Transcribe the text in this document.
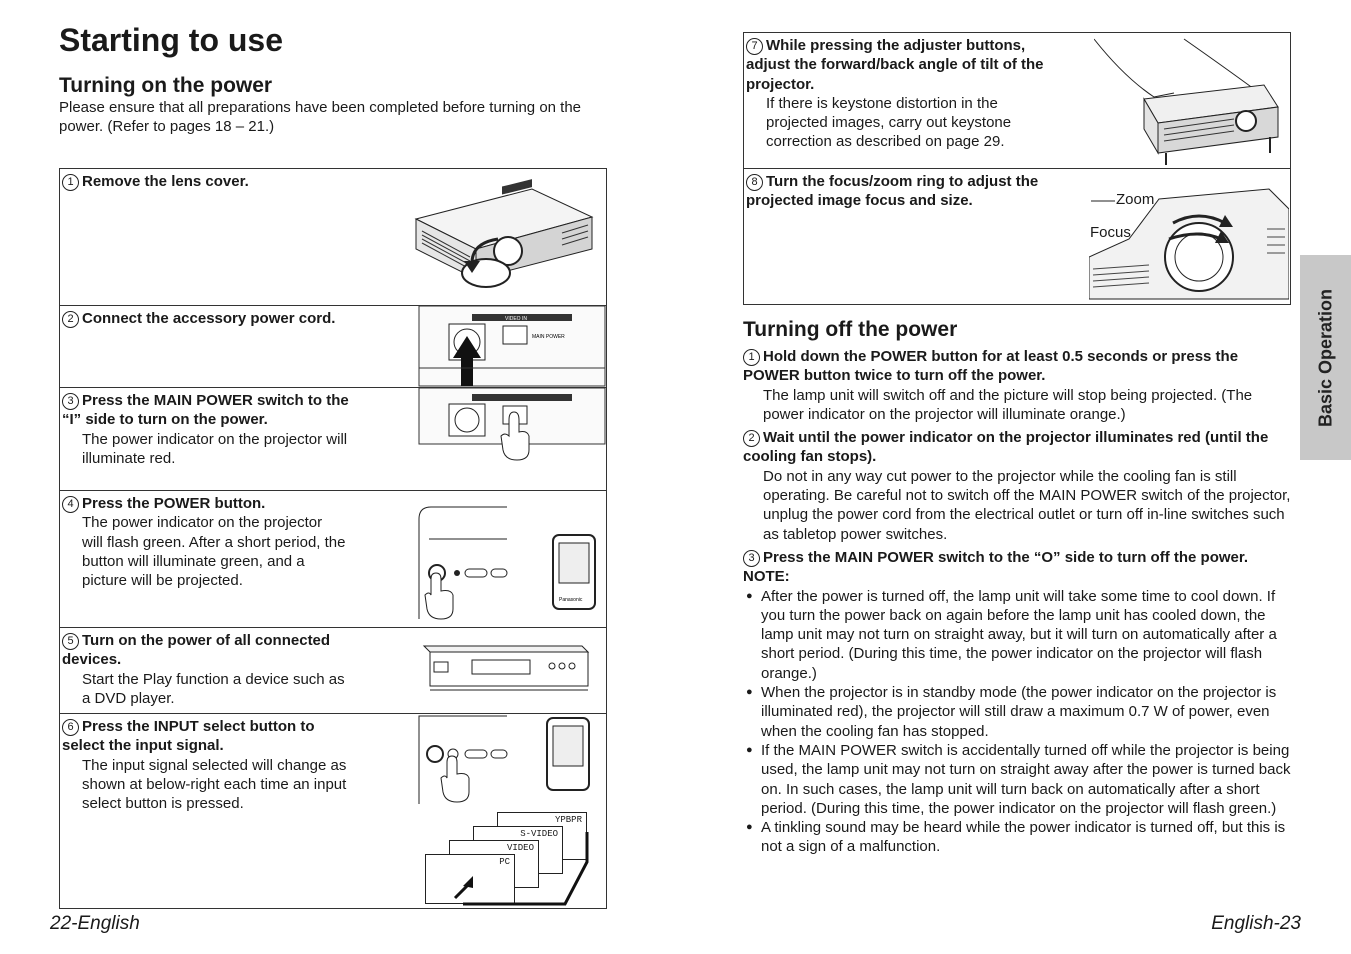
Starting to use
Turning on the power
Please ensure that all preparations have been completed before turning on the power. (Refer to pages 18 – 21.)
1 Remove the lens cover.
2 Connect the accessory power cord.	VIDEO IN
MAIN POWER
3 Press the MAIN POWER switch to the “I” side to turn on the power.
The power indicator on the projector will illuminate red.
4 Press the POWER button.
The power indicator on the projector will flash green. After a short period, the button will illuminate green, and a picture will be projected.
Panasonic
5 Turn on the power of all connected devices.
Start the Play function a device such as a DVD player.
6 Press the INPUT select button to select the input signal.
The input signal selected will change as shown at below-right each time an input select button is pressed.
YPBPR
S-VIDEO
VIDEO
PC
7 While pressing the adjuster buttons, adjust the forward/back angle of tilt of the projector.
If there is keystone distortion in the projected images, carry out keystone correction as described on page 29.
8 Turn the focus/zoom ring to adjust the projected image focus and size.	Zoom
Focus
Turning off the power
1 Hold down the POWER button for at least 0.5 seconds or press the POWER button twice to turn off the power.
The lamp unit will switch off and the picture will stop being projected. (The power indicator on the projector will illuminate orange.)
2 Wait until the power indicator on the projector illuminates red (until the cooling fan stops).
Do not in any way cut power to the projector while the cooling fan is still operating. Be careful not to switch off the MAIN POWER switch of the projector, unplug the power cord from the electrical outlet or turn off in-line switches such as tabletop power switches.
3 Press the MAIN POWER switch to the “O” side to turn off the power.
NOTE:
● After the power is turned off, the lamp unit will take some time to cool down. If you turn the power back on again before the lamp unit has cooled down, the lamp unit may not turn on straight away, but it will turn on automatically after a short period. (During this time, the power indicator on the projector will flash orange.)
● When the projector is in standby mode (the power indicator on the projector is illuminated red), the projector will still draw a maximum 0.7 W of power, even when the cooling fan has stopped.
● If the MAIN POWER switch is accidentally turned off while the projector is being used, the lamp unit may not turn on straight away after the power is turned back on. In such cases, the lamp unit will turn back on automatically after a short period. (During this time, the power indicator on the projector will flash green.)
● A tinkling sound may be heard while the power indicator is turned off, but this is not a sign of a malfunction.
Basic Operation
22-English	English-23
